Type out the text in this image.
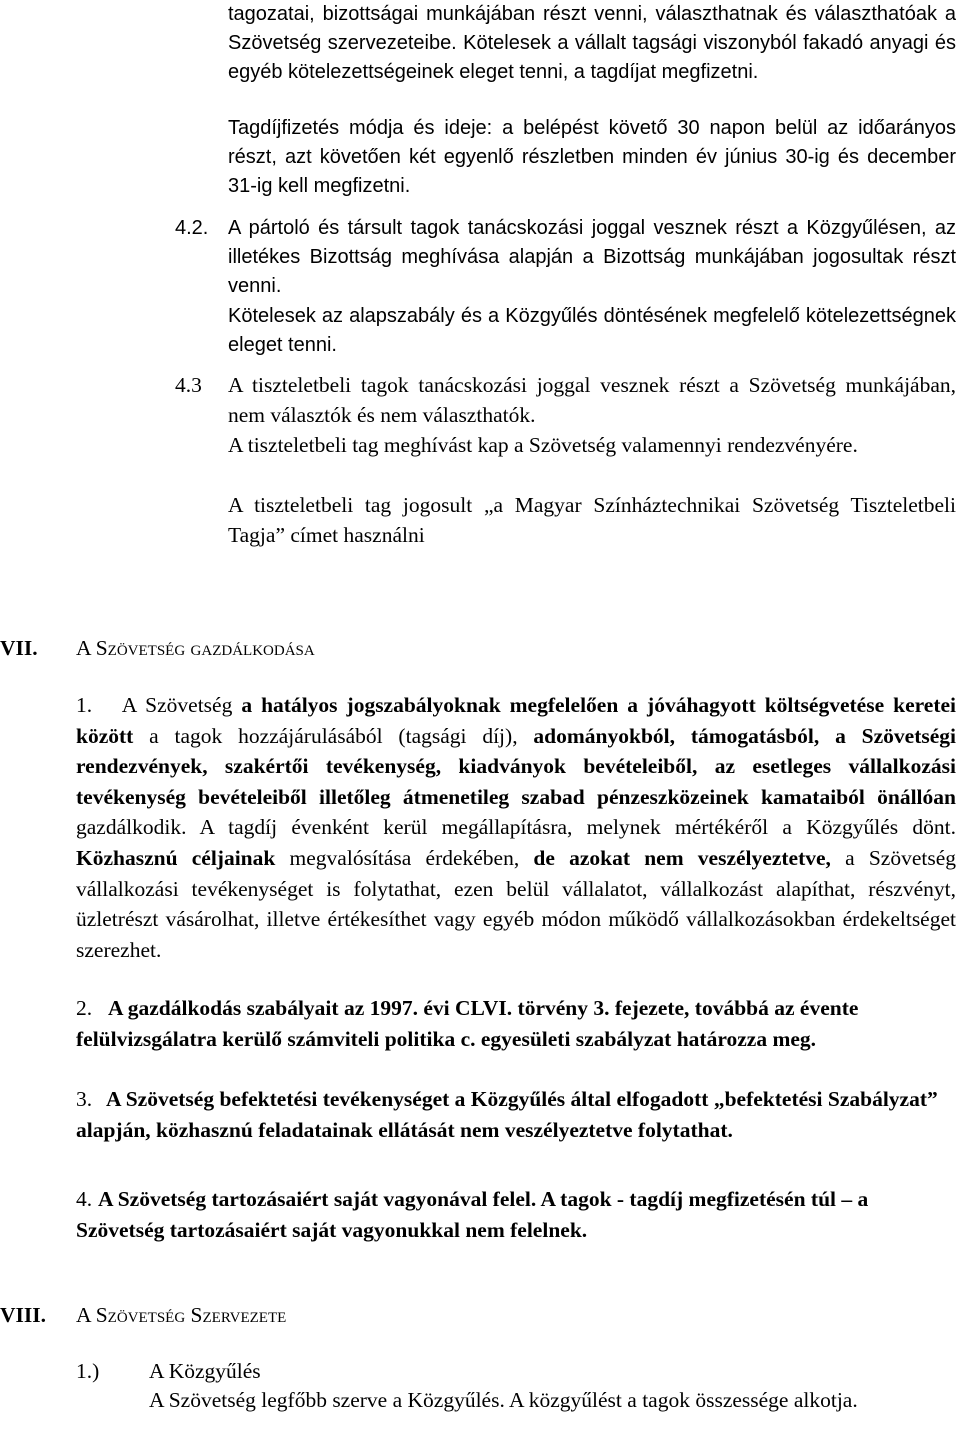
tagozatai, bizottságai munkájában részt venni, választhatnak és választhatóak a Szövetség szervezeteibe. Kötelesek a vállalt tagsági viszonyból fakadó anyagi és egyéb kötelezettségeinek eleget tenni, a tagdíjat megfizetni.

Tagdíjfizetés módja és ideje: a belépést követő 30 napon belül az időarányos részt, azt követően két egyenlő részletben minden év június 30-ig és december 31-ig kell megfizetni.

4.2. A pártoló és társult tagok tanácskozási joggal vesznek részt a Közgyűlésen, az illetékes Bizottság meghívása alapján a Bizottság munkájában jogosultak részt venni.

Kötelesek az alapszabály és a Közgyűlés döntésének megfelelő kötelezettségnek eleget tenni.

4.3 A tiszteletbeli tagok tanácskozási joggal vesznek részt a Szövetség munkájában, nem választók és nem választhatók.

A tiszteletbeli tag meghívást kap a Szövetség valamennyi rendezvényére.

A tiszteletbeli tag jogosult „a Magyar Színháztechnikai Szövetség Tiszteletbeli Tagja” címet használni

VII. A Szövetség gazdálkodása

1. A Szövetség a hatályos jogszabályoknak megfelelően a jóváhagyott költségvetése keretei között a tagok hozzájárulásából (tagsági díj), adományokból, támogatásból, a Szövetségi rendezvények, szakértői tevékenység, kiadványok bevételeiből, az esetleges vállalkozási tevékenység bevételeiből illetőleg átmenetileg szabad pénzeszközeinek kamataiból önállóan gazdálkodik. A tagdíj évenként kerül megállapításra, melynek mértékéről a Közgyűlés dönt. Közhasznú céljainak megvalósítása érdekében, de azokat nem veszélyeztetve, a Szövetség vállalkozási tevékenységet is folytathat, ezen belül vállalatot, vállalkozást alapíthat, részvényt, üzletrészt vásárolhat, illetve értékesíthet vagy egyéb módon működő vállalkozásokban érdekeltséget szerezhet.

2. A gazdálkodás szabályait az 1997. évi CLVI. törvény 3. fejezete, továbbá az évente felülvizsgálatra kerülő számviteli politika c. egyesületi szabályzat határozza meg.

3. A Szövetség befektetési tevékenységet a Közgyűlés által elfogadott „befektetési Szabályzat” alapján, közhasznú feladatainak ellátását nem veszélyeztetve folytathat.

4. A Szövetség tartozásaiért saját vagyonával felel. A tagok - tagdíj megfizetésén túl – a Szövetség tartozásaiért saját vagyonukkal nem felelnek.

VIII. A Szövetség Szervezete
1.) A Közgyűlés

A Szövetség legfőbb szerve a Közgyűlés. A közgyűlést a tagok összessége alkotja.
